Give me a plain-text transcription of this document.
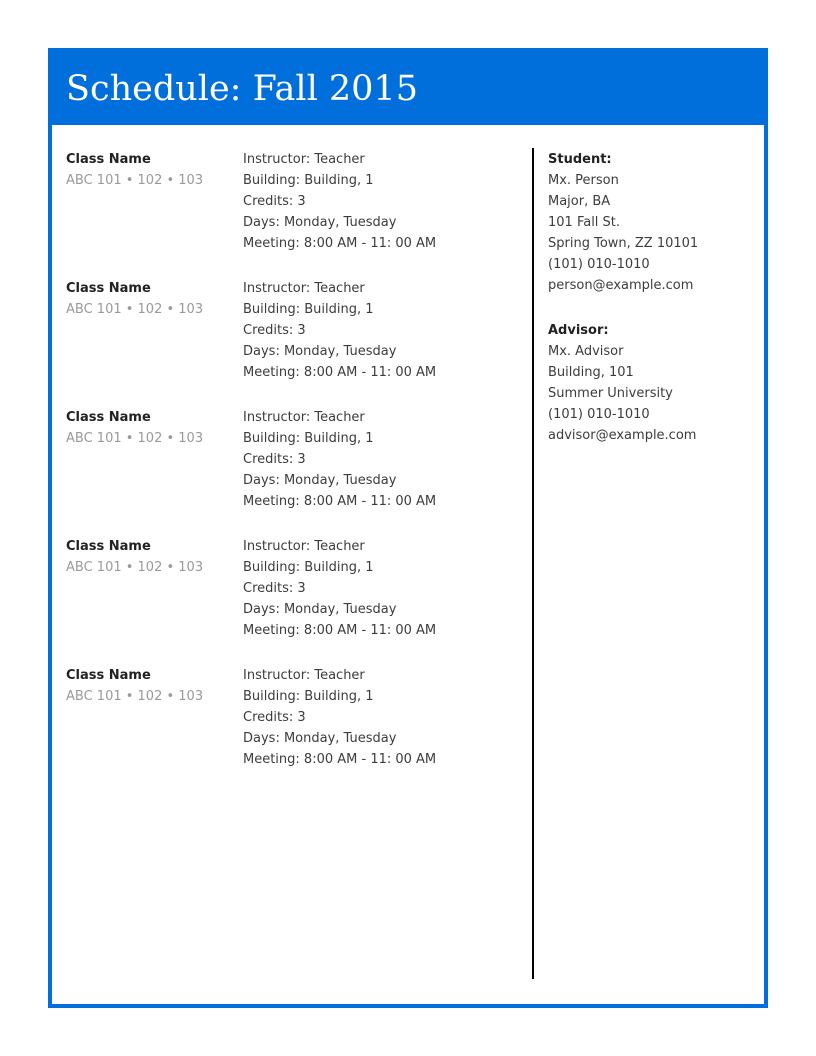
Schedule: Fall 2015
Class Name
ABC 101 • 102 • 103
Instructor: Teacher
Building: Building, 1
Credits: 3
Days: Monday, Tuesday
Meeting: 8:00 AM - 11: 00 AM
Class Name
ABC 101 • 102 • 103
Instructor: Teacher
Building: Building, 1
Credits: 3
Days: Monday, Tuesday
Meeting: 8:00 AM - 11: 00 AM
Class Name
ABC 101 • 102 • 103
Instructor: Teacher
Building: Building, 1
Credits: 3
Days: Monday, Tuesday
Meeting: 8:00 AM - 11: 00 AM
Class Name
ABC 101 • 102 • 103
Instructor: Teacher
Building: Building, 1
Credits: 3
Days: Monday, Tuesday
Meeting: 8:00 AM - 11: 00 AM
Class Name
ABC 101 • 102 • 103
Instructor: Teacher
Building: Building, 1
Credits: 3
Days: Monday, Tuesday
Meeting: 8:00 AM - 11: 00 AM
Student:
Mx. Person
Major, BA
101 Fall St.
Spring Town, ZZ 10101
(101) 010-1010
person@example.com
Advisor:
Mx. Advisor
Building, 101
Summer University
(101) 010-1010
advisor@example.com
